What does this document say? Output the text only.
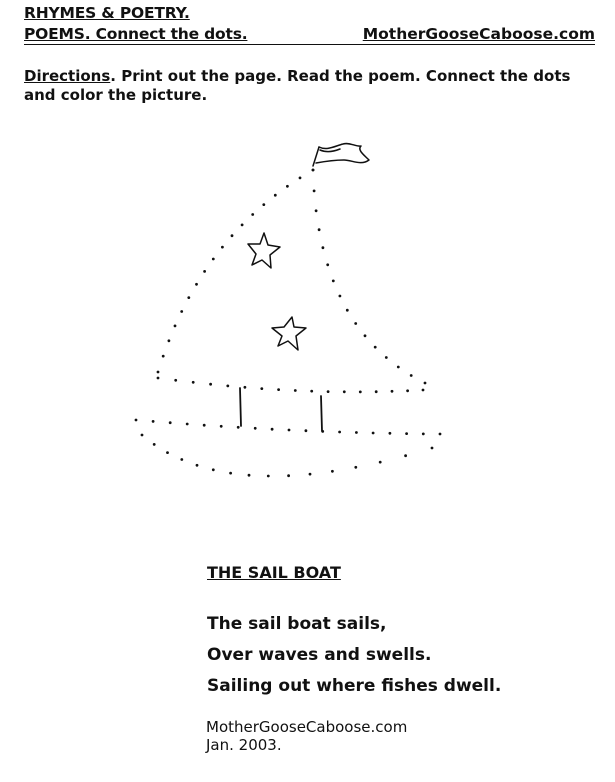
RHYMES & POETRY.
POEMS. Connect the dots.	MotherGooseCaboose.com
Directions. Print out the page. Read the poem. Connect the dots and color the picture.
THE SAIL BOAT
The sail boat sails,
Over waves and swells.
Sailing out where fishes dwell.
MotherGooseCaboose.com
Jan. 2003.
